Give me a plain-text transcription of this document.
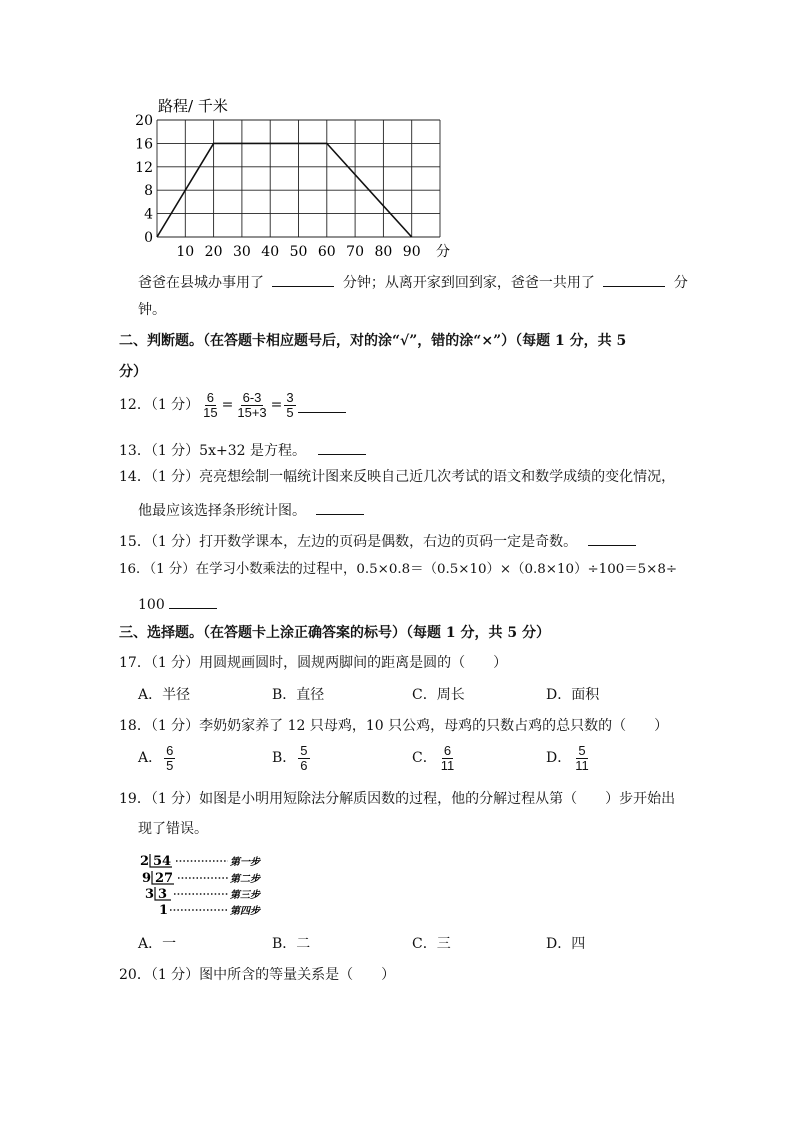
路程/ 千米
20
16
12
8
4
0
10 20 30 40 50 60 70 80 90 分
爸爸在县城办事用了	分钟；从离开家到回到家，爸爸一共用了	分
钟。
二、判断题。（在答题卡相应题号后，对的涂“√”，错的涂“×”）（每题 1 分，共 5
分）
12．（1 分） $\frac{6}{15} = \frac{6-3}{15+3} = \frac{3}{5}$
13．（1 分）5x+32 是方程。
14．（1 分）亮亮想绘制一幅统计图来反映自己近几次考试的语文和数学成绩的变化情况，
他最应该选择条形统计图。
15．（1 分）打开数学课本，左边的页码是偶数，右边的页码一定是奇数。
16．（1 分）在学习小数乘法的过程中，0.5×0.8＝（0.5×10）×（0.8×10）÷100＝5×8÷
100
三、选择题。（在答题卡上涂正确答案的标号）（每题 1 分，共 5 分）
17．（1 分）用圆规画圆时，圆规两脚间的距离是圆的（　　）
A．半径	B．直径	C．周长	D．面积
18．（1 分）李奶奶家养了 12 只母鸡，10 只公鸡，母鸡的只数占鸡的总只数的（　　）
A． $\frac{6}{5}$	B． $\frac{5}{6}$	C． $\frac{6}{11}$	D． $\frac{5}{11}$
19．（1 分）如图是小明用短除法分解质因数的过程，他的分解过程从第（　　）步开始出
现了错误。
2 54
9 27
3 3
1
第一步
第二步
第三步
第四步
A．一	B．二	C．三	D．四
20．（1 分）图中所含的等量关系是（　　）
